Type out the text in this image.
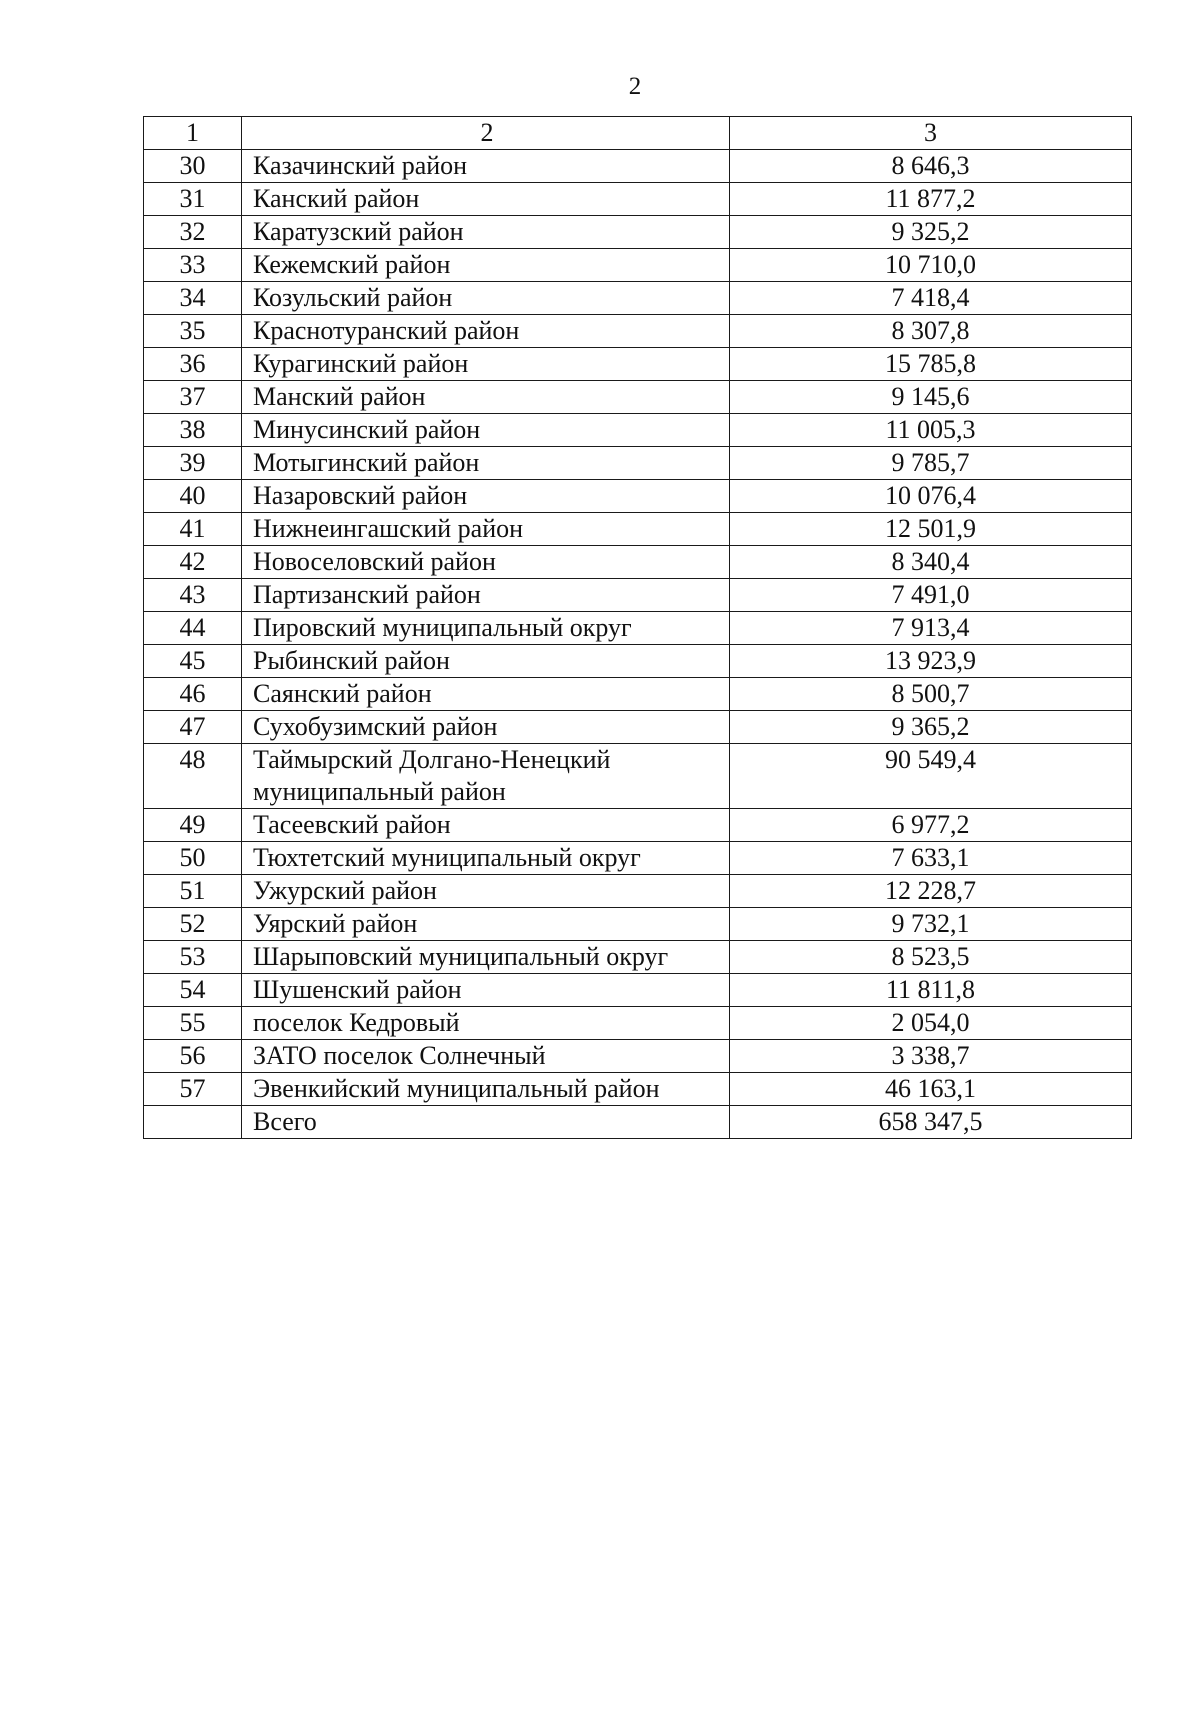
2
1	2	3
30	Казачинский район	8 646,3
31	Канский район	11 877,2
32	Каратузский район	9 325,2
33	Кежемский район	10 710,0
34	Козульский район	7 418,4
35	Краснотуранский район	8 307,8
36	Курагинский район	15 785,8
37	Манский район	9 145,6
38	Минусинский район	11 005,3
39	Мотыгинский район	9 785,7
40	Назаровский район	10 076,4
41	Нижнеингашский район	12 501,9
42	Новоселовский район	8 340,4
43	Партизанский район	7 491,0
44	Пировский муниципальный округ	7 913,4
45	Рыбинский район	13 923,9
46	Саянский район	8 500,7
47	Сухобузимский район	9 365,2
48	Таймырский Долгано-Ненецкий муниципальный район	90 549,4
49	Тасеевский район	6 977,2
50	Тюхтетский муниципальный округ	7 633,1
51	Ужурский район	12 228,7
52	Уярский район	9 732,1
53	Шарыповский муниципальный округ	8 523,5
54	Шушенский район	11 811,8
55	поселок Кедровый	2 054,0
56	ЗАТО поселок Солнечный	3 338,7
57	Эвенкийский муниципальный район	46 163,1
	Всего	658 347,5
